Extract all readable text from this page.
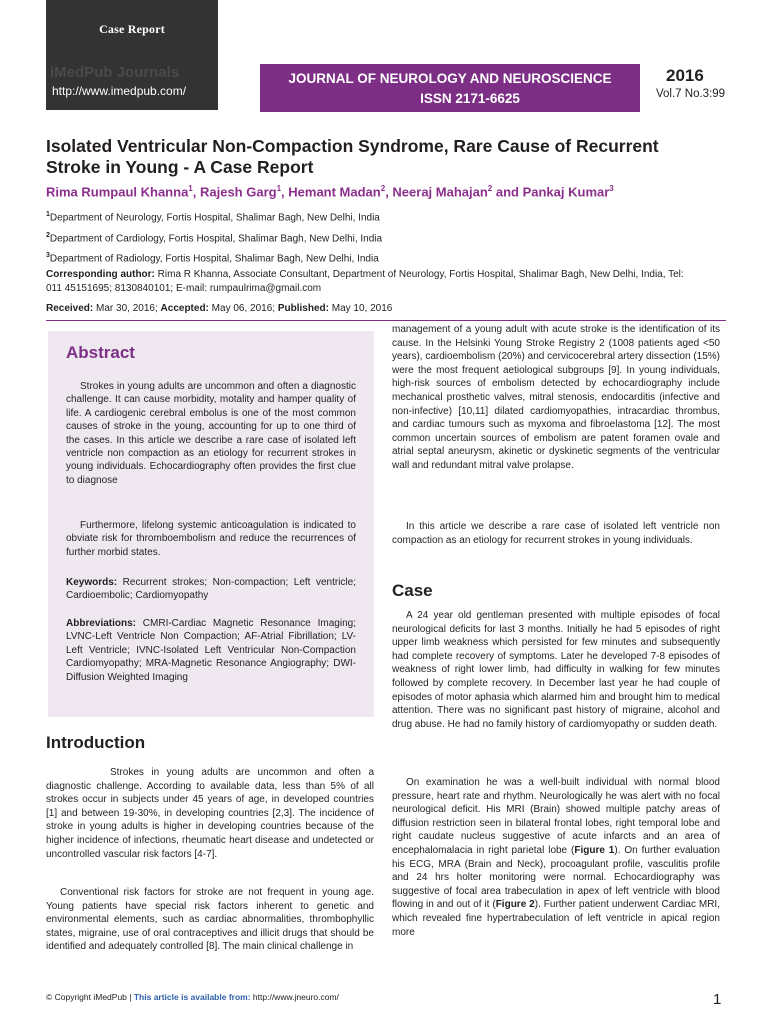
Case Report
iMedPub Journals
http://www.imedpub.com/
JOURNAL OF NEUROLOGY AND NEUROSCIENCE
ISSN 2171-6625
2016
Vol.7 No.3:99
Isolated Ventricular Non-Compaction Syndrome, Rare Cause of Recurrent
Stroke in Young - A Case Report
Rima Rumpaul Khanna$^1$, Rajesh Garg$^1$, Hemant Madan$^2$, Neeraj Mahajan$^2$ and Pankaj Kumar$^3$
$^1$Department of Neurology, Fortis Hospital, Shalimar Bagh, New Delhi, India
$^2$Department of Cardiology, Fortis Hospital, Shalimar Bagh, New Delhi, India
$^3$Department of Radiology, Fortis Hospital, Shalimar Bagh, New Delhi, India
Corresponding author: Rima R Khanna, Associate Consultant, Department of Neurology, Fortis Hospital, Shalimar Bagh, New Delhi, India, Tel:
011 45151695; 8130840101; E-mail: rumpaulrima@gmail.com
Received: Mar 30, 2016; Accepted: May 06, 2016; Published: May 10, 2016
Abstract
Strokes in young adults are uncommon and often a diagnostic challenge. It can cause morbidity, motality and hamper quality of life. A cardiogenic cerebral embolus is one of the most common causes of stroke in the young, accounting for up to one third of the cases. In this article we describe a rare case of isolated left ventricle non compaction as an etiology for recurrent strokes in young individuals. Echocardiography often provides the first clue to diagnose
Furthermore, lifelong systemic anticoagulation is indicated to obviate risk for thromboembolism and reduce the recurrences of further morbid states.
Keywords: Recurrent strokes; Non-compaction; Left ventricle; Cardioembolic; Cardiomyopathy
Abbreviations: CMRI-Cardiac Magnetic Resonance Imaging; LVNC-Left Ventricle Non Compaction; AF-Atrial Fibrillation; LV-Left Ventricle; IVNC-Isolated Left Ventricular Non-Compaction Cardiomyopathy; MRA-Magnetic Resonance Angiography; DWI-Diffusion Weighted Imaging
Introduction
Strokes in young adults are uncommon and often a diagnostic challenge. According to available data, less than 5% of all strokes occur in subjects under 45 years of age, in developed countries [1] and between 19-30%, in developing countries [2,3]. The incidence of stroke in young adults is higher in developing countries because of the higher incidence of infections, rheumatic heart disease and undetected or uncontrolled vascular risk factors [4-7].
Conventional risk factors for stroke are not frequent in young age. Young patients have special risk factors inherent to genetic and environmental elements, such as cardiac abnormalities, thrombophyllic states, migraine, use of oral contraceptives and illicit drugs that should be identified and adequately controlled [8]. The main clinical challenge in
management of a young adult with acute stroke is the identification of its cause. In the Helsinki Young Stroke Registry 2 (1008 patients aged <50 years), cardioembolism (20%) and cervicocerebral artery dissection (15%) were the most frequent aetiological subgroups [9]. In young individuals, high-risk sources of embolism detected by echocardiography include mechanical prosthetic valves, mitral stenosis, endocarditis (infective and non-infective) [10,11] dilated cardiomyopathies, intracardiac thrombus, and cardiac tumours such as myxoma and fibroelastoma [12]. The most common uncertain sources of embolism are patent foramen ovale and atrial septal aneurysm, akinetic or dyskinetic segments of the ventricular wall and redundant mitral valve prolapse.
In this article we describe a rare case of isolated left ventricle non compaction as an etiology for recurrent strokes in young individuals.
Case
A 24 year old gentleman presented with multiple episodes of focal neurological deficits for last 3 months. Initially he had 5 episodes of right upper limb weakness which persisted for few minutes and subsequently had complete recovery of symptoms. Later he developed 7-8 episodes of weakness of right lower limb, had difficulty in walking for few minutes followed by complete recovery. In December last year he had couple of episodes of motor aphasia which alarmed him and brought him to medical attention. There was no significant past history of migraine, alcohol and drug abuse. He had no family history of cardiomyopathy or sudden death.
On examination he was a well-built individual with normal blood pressure, heart rate and rhythm. Neurologically he was alert with no focal neurological deficit. His MRI (Brain) showed multiple patchy areas of diffusion restriction seen in bilateral frontal lobes, right temporal lobe and right caudate nucleus suggestive of acute infarcts and an area of encephalomalacia in right parietal lobe (Figure 1). On further evaluation his ECG, MRA (Brain and Neck), procoagulant profile, vasculitis profile and 24 hrs holter monitoring were normal. Echocardiography was suggestive of focal area trabeculation in apex of left ventricle with blood flowing in and out of it (Figure 2). Further patient underwent Cardiac MRI, which revealed fine hypertrabeculation of left ventricle in apical region more
© Copyright iMedPub | This article is available from: http://www.jneuro.com/	1
